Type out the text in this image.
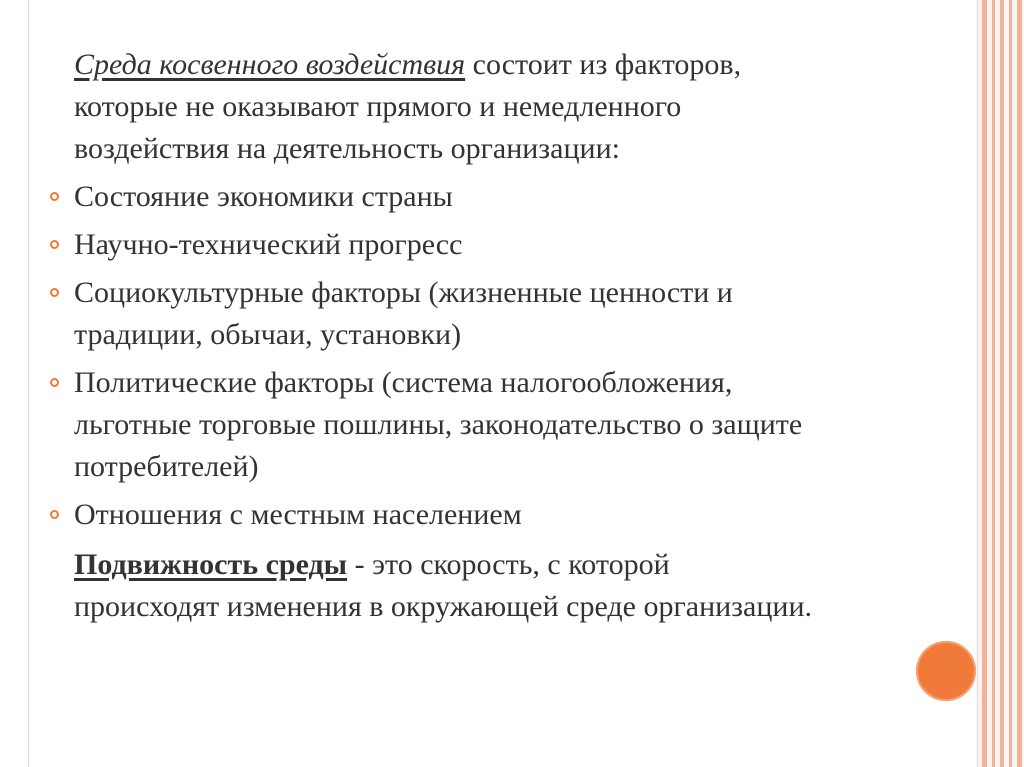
Среда косвенного воздействия состоит из факторов, которые не оказывают прямого и немедленного воздействия на деятельность организации:

Состояние экономики страны
Научно-технический прогресс
Социокультурные факторы (жизненные ценности и традиции, обычаи, установки)
Политические факторы (система налогообложения, льготные торговые пошлины, законодательство о защите потребителей)
Отношения с местным населением

Подвижность среды - это скорость, с которой происходят изменения в окружающей среде организации.
